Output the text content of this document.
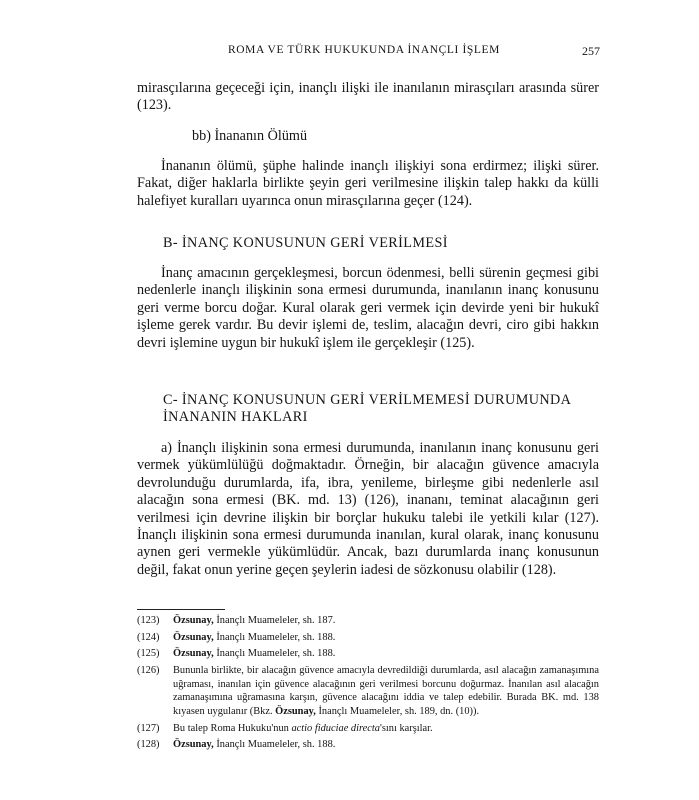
ROMA VE TÜRK HUKUKUNDA İNANÇLI İŞLEM	257

mirasçılarına geçeceği için, inançlı ilişki ile inanılanın mirasçıları arasında sürer (123).

bb) İnananın Ölümü

İnananın ölümü, şüphe halinde inançlı ilişkiyi sona erdirmez; ilişki sürer. Fakat, diğer haklarla birlikte şeyin geri verilmesine ilişkin talep hakkı da külli halefiyet kuralları uyarınca onun mirasçılarına geçer (124).

B- İNANÇ KONUSUNUN GERİ VERİLMESİ

İnanç amacının gerçekleşmesi, borcun ödenmesi, belli sürenin geçmesi gibi nedenlerle inançlı ilişkinin sona ermesi durumunda, inanılanın inanç konusunu geri verme borcu doğar. Kural olarak geri vermek için devirde yeni bir hukukî işleme gerek vardır. Bu devir işlemi de, teslim, alacağın devri, ciro gibi hakkın devri işlemine uygun bir hukukî işlem ile gerçekleşir (125).

C- İNANÇ KONUSUNUN GERİ VERİLMEMESİ DURUMUNDA İNANANIN HAKLARI

a) İnançlı ilişkinin sona ermesi durumunda, inanılanın inanç konusunu geri vermek yükümlülüğü doğmaktadır. Örneğin, bir alacağın güvence amacıyla devrolunduğu durumlarda, ifa, ibra, yenileme, birleşme gibi nedenlerle asıl alacağın sona ermesi (BK. md. 13) (126), inananı, teminat alacağının geri verilmesi için devrine ilişkin bir borçlar hukuku talebi ile yetkili kılar (127). İnançlı ilişkinin sona ermesi durumunda inanılan, kural olarak, inanç konusunu aynen geri vermekle yükümlüdür. Ancak, bazı durumlarda inanç konusunun değil, fakat onun yerine geçen şeylerin iadesi de sözkonusu olabilir (128).

(123) Özsunay, İnançlı Muameleler, sh. 187.
(124) Özsunay, İnançlı Muameleler, sh. 188.
(125) Özsunay, İnançlı Muameleler, sh. 188.
(126) Bununla birlikte, bir alacağın güvence amacıyla devredildiği durumlarda, asıl alacağın zamanaşımına uğraması, inanılan için güvence alacağının geri verilmesi borcunu doğurmaz. İnanılan asıl alacağın zamanaşımına uğramasına karşın, güvence alacağını iddia ve talep edebilir. Burada BK. md. 138 kıyasen uygulanır (Bkz. Özsunay, İnançlı Muameleler, sh. 189, dn. (10)).
(127) Bu talep Roma Hukuku'nun actio fiduciae directa'sını karşılar.
(128) Özsunay, İnançlı Muameleler, sh. 188.
